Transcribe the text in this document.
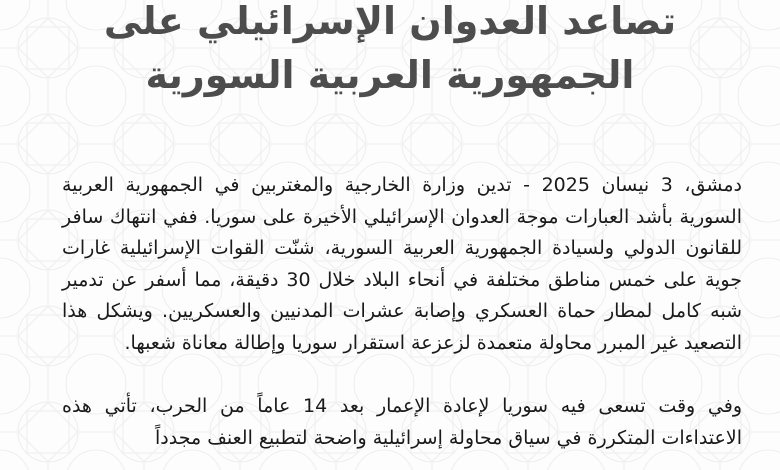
تصاعد العدوان الإسرائيلي على
الجمهورية العربية السورية

دمشق، 3 نيسان 2025 - تدين وزارة الخارجية والمغتربين في الجمهورية العربية السورية بأشد العبارات موجة العدوان الإسرائيلي الأخيرة على سوريا. ففي انتهاك سافر للقانون الدولي ولسيادة الجمهورية العربية السورية، شنّت القوات الإسرائيلية غارات جوية على خمس مناطق مختلفة في أنحاء البلاد خلال 30 دقيقة، مما أسفر عن تدمير شبه كامل لمطار حماة العسكري وإصابة عشرات المدنيين والعسكريين. ويشكل هذا التصعيد غير المبرر محاولة متعمدة لزعزعة استقرار سوريا وإطالة معاناة شعبها.

وفي وقت تسعى فيه سوريا لإعادة الإعمار بعد 14 عاماً من الحرب، تأتي هذه الاعتداءات المتكررة في سياق محاولة إسرائيلية واضحة لتطبيع العنف مجدداً
